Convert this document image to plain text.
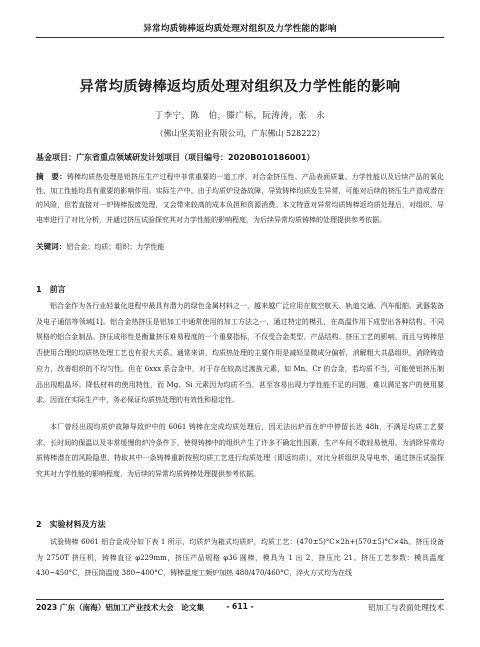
异常均质铸棒返均质处理对组织及力学性能的影响
异常均质铸棒返均质处理对组织及力学性能的影响
丁李宁，陈　伯，滕广标，阮涛涛，张　永
（佛山坚美铝业有限公司，广东佛山 528222）
基金项目：广东省重点领域研发计划项目（项目编号：2020B010186001）
摘　要：铸棒均质热处理是铝挤压生产过程中非常重要的一道工序，对合金挤压性、产品表面质量、力学性能以及后续产品的氧化性、加工性能均具有重要的影响作用。实际生产中，由于均质炉设备故障，导致铸棒均质发生异常，可能对后续的挤压生产造成潜在的风险，但若直接对一炉铸棒报废处理，又会带来较高的成本负担和资源消费。本文特意对异常均质铸棒返均质处理后，对组织、导电率进行了对比分析，并通过挤压试验探究其对力学性能的影响程度，为后续异常均质铸棒的处理提供参考依据。
关键词：铝合金；均质；组织；力学性能
1　前言

铝合金作为各行业轻量化进程中最具有潜力的绿色金属材料之一，越来越广泛应用在航空航天、轨道交通、汽车船舶、武器装备及电子通信等领域[1]。铝合金热挤压是铝加工中通常使用的加工方法之一，通过特定的模孔，在高温作用下成型出各种结构、不同规格的铝合金制品。挤压成形性是衡量挤压难易程度的一个重要指标，不仅受合金类型、产品结构、挤压工艺的影响，而且与铸棒是否使用合理的均质热处理工艺也有很大关系。通常来讲，均质热处理的主要作用是减轻显微成分偏析，消解粗大共晶组织，消除铸造应力，改善组织的不均匀性。但在 6xxx 系合金中，对于存在较高过渡族元素，如 Mn、Cr 的合金，若均质不当，可能使铝挤压制品出现粗晶环，降低材料的使用特性，而 Mg、Si 元素因为均质不当，甚至容易出现力学性能不足的问题，难以满足客户的使用要求。因而在实际生产中，务必保证均质热处理的有效性和稳定性。

本厂曾经出现均质炉故障导致炉中的 6061 铸棒在完成均质处理后，因无法出炉而在炉中停留长达 48h，不满足均质工艺要求，长时间的保温以及非常缓慢的炉冷条件下，使得铸棒中的组织产生了许多不确定性因素，生产车间不敢轻易使用。为消除异常均质铸棒潜在的风险隐患，特取其中一条铸棒重新按照均质工艺进行均质处理（即返均质），对比分析组织及导电率，通过挤压试验探究其对力学性能的影响程度，为后续的异常均质铸棒处理提供参考依据。

2　实验材料及方法

试验铸棒 6061 铝合金成分如下表 1 所示，均质炉为箱式均质炉，均质工艺：(470±5)°C×2h+(570±5)°C×4h。挤压设备为 2750T 挤压机，铸棒直径 φ229mm，挤压产品规格 φ36 圆棒，模具为 1 出 2，挤压比 21。挤压工艺参数：模具温度 430~450°C，挤压筒温度 380~400°C，铸棒温度工频炉加热 480/470/460°C，淬火方式均为在线

2023 广东（南海）铝加工产业技术大会　论文集	- 611 -	铝加工与表面处理技术
